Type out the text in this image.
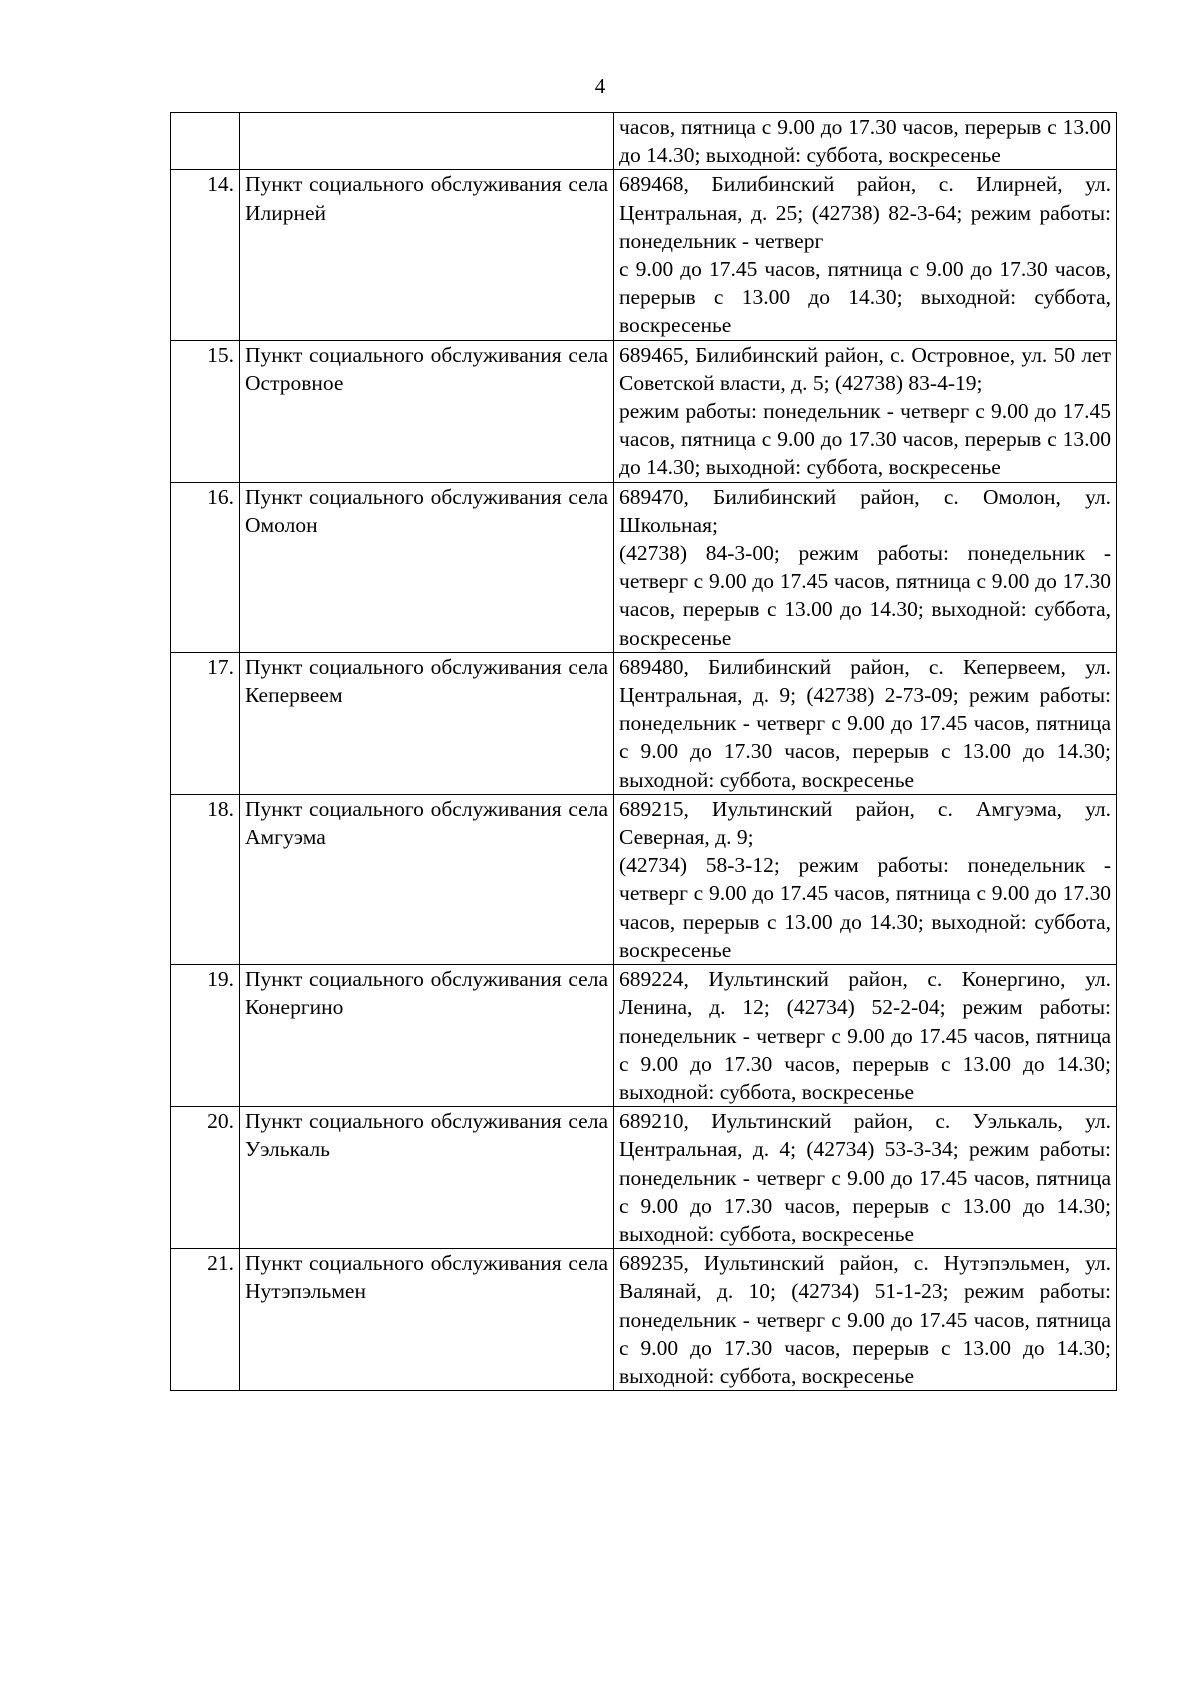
4

		часов, пятница с 9.00 до 17.30 часов, перерыв с 13.00 до 14.30; выходной: суббота, воскресенье

14.	Пункт социального обслуживания села Илирней	689468, Билибинский район, с. Илирней, ул. Центральная, д. 25; (42738) 82-3-64; режим работы: понедельник - четверг
с 9.00 до 17.45 часов, пятница с 9.00 до 17.30 часов, перерыв с 13.00 до 14.30; выходной: суббота, воскресенье

15.	Пункт социального обслуживания села Островное	689465, Билибинский район, с. Островное, ул. 50 лет Советской власти, д. 5; (42738) 83-4-19;
режим работы: понедельник - четверг с 9.00 до 17.45 часов, пятница с 9.00 до 17.30 часов, перерыв с 13.00 до 14.30; выходной: суббота, воскресенье

16.	Пункт социального обслуживания села Омолон	689470, Билибинский район, с. Омолон, ул. Школьная;
(42738) 84-3-00; режим работы: понедельник - четверг с 9.00 до 17.45 часов, пятница с 9.00 до 17.30 часов, перерыв с 13.00 до 14.30; выходной: суббота, воскресенье

17.	Пункт социального обслуживания села Кепервеем	689480, Билибинский район, с. Кепервеем, ул. Центральная, д. 9; (42738) 2-73-09; режим работы: понедельник - четверг с 9.00 до 17.45 часов, пятница с 9.00 до 17.30 часов, перерыв с 13.00 до 14.30; выходной: суббота, воскресенье

18.	Пункт социального обслуживания села Амгуэма	689215, Иультинский район, с. Амгуэма, ул. Северная, д. 9;
(42734) 58-3-12; режим работы: понедельник - четверг с 9.00 до 17.45 часов, пятница с 9.00 до 17.30 часов, перерыв с 13.00 до 14.30; выходной: суббота, воскресенье

19.	Пункт социального обслуживания села Конергино	689224, Иультинский район, с. Конергино, ул. Ленина, д. 12; (42734) 52-2-04; режим работы: понедельник - четверг с 9.00 до 17.45 часов, пятница с 9.00 до 17.30 часов, перерыв с 13.00 до 14.30; выходной: суббота, воскресенье

20.	Пункт социального обслуживания села Уэлькаль	689210, Иультинский район, с. Уэлькаль, ул. Центральная, д. 4; (42734) 53-3-34; режим работы: понедельник - четверг с 9.00 до 17.45 часов, пятница с 9.00 до 17.30 часов, перерыв с 13.00 до 14.30; выходной: суббота, воскресенье

21.	Пункт социального обслуживания села Нутэпэльмен	689235, Иультинский район, с. Нутэпэльмен, ул. Валянай, д. 10; (42734) 51-1-23; режим работы: понедельник - четверг с 9.00 до 17.45 часов, пятница с 9.00 до 17.30 часов, перерыв с 13.00 до 14.30; выходной: суббота, воскресенье
